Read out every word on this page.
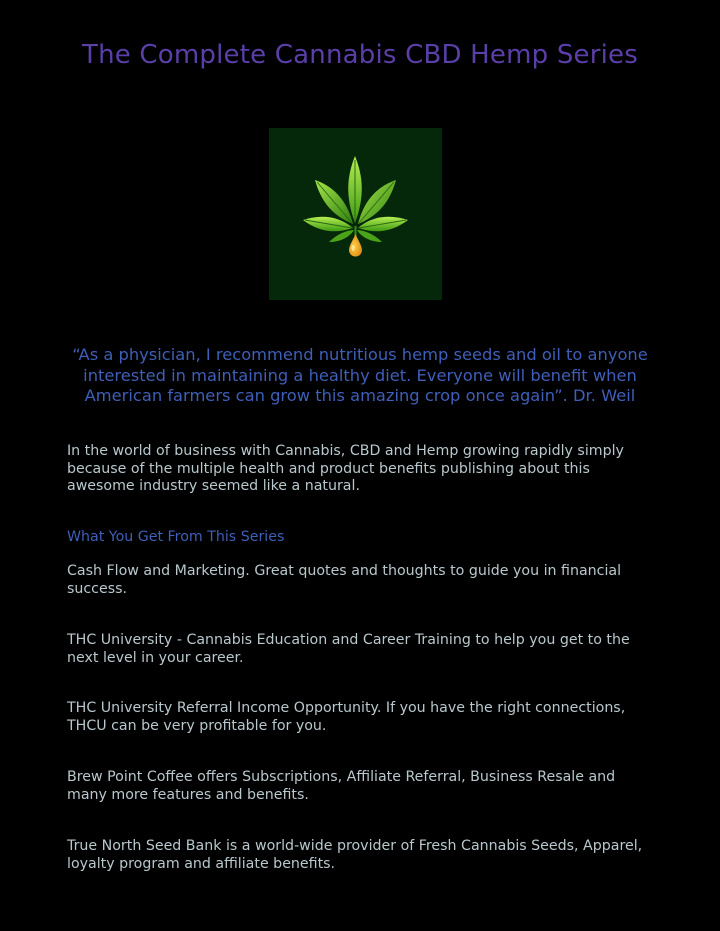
The Complete Cannabis CBD Hemp Series

“As a physician, I recommend nutritious hemp seeds and oil to anyone interested in maintaining a healthy diet. Everyone will benefit when American farmers can grow this amazing crop once again”. Dr. Weil

In the world of business with Cannabis, CBD and Hemp growing rapidly simply because of the multiple health and product benefits publishing about this awesome industry seemed like a natural.

What You Get From This Series

Cash Flow and Marketing. Great quotes and thoughts to guide you in financial success.

THC University - Cannabis Education and Career Training to help you get to the next level in your career.

THC University Referral Income Opportunity. If you have the right connections, THCU can be very profitable for you.

Brew Point Coffee offers Subscriptions, Affiliate Referral, Business Resale and many more features and benefits.

True North Seed Bank is a world-wide provider of Fresh Cannabis Seeds, Apparel, loyalty program and affiliate benefits.
